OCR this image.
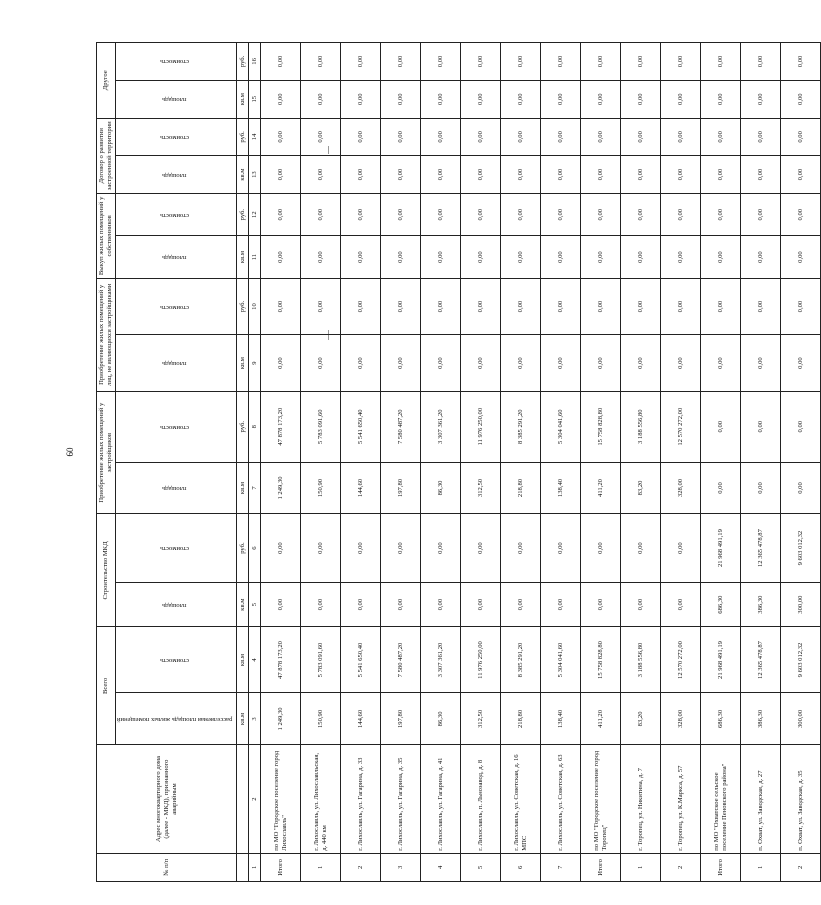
60
№ п/п	Адрес многоквартирного дома (далее - МКД), признанного аварийным	Всего		Строительство МКД		Приобретение жилых помещений у застройщиков		Приобретение жилых помещений у лиц, не являющихся застройщиками		Выкуп жилых помещений у собственников		Договор о развитии застроенной территории		Другое	
		расселяемая площадь жилых помещений	стоимость	площадь	стоимость	площадь	стоимость	площадь	стоимость	площадь	стоимость	площадь	стоимость	площадь	стоимость
		кв.м	кв.м	кв.м	руб.	кв.м	руб.	кв.м	руб.	кв.м	руб.	кв.м	руб.	кв.м	руб.
1	2	3	4	5	6	7	8	9	10	11	12	13	14	15	16
Итого	по МО "Городское поселение город Лихославль"	1 249,30	47 878 173,20	0,00	0,00	1 249,30	47 878 173,20	0,00	0,00	0,00	0,00	0,00	0,00	0,00	0,00
1	г. Лихославль, ул. Лихославльская, д. 440 км	150,90	5 783 091,60	0,00	0,00	150,90	5 783 091,60	0,00	0,00	0,00	0,00	0,00	0,00	0,00	0,00
2	г. Лихославль, ул. Гагарина, д. 33	144,60	5 541 650,40	0,00	0,00	144,60	5 541 650,40	0,00	0,00	0,00	0,00	0,00	0,00	0,00	0,00
3	г. Лихославль, ул. Гагарина, д. 35	197,80	7 580 487,20	0,00	0,00	197,80	7 580 487,20	0,00	0,00	0,00	0,00	0,00	0,00	0,00	0,00
4	г. Лихославль, ул. Гагарина, д. 41	86,30	3 307 361,20	0,00	0,00	86,30	3 307 361,20	0,00	0,00	0,00	0,00	0,00	0,00	0,00	0,00
5	г. Лихославль, п. Льнозавод, д. 8	312,50	11 976 250,00	0,00	0,00	312,50	11 976 250,00	0,00	0,00	0,00	0,00	0,00	0,00	0,00	0,00
6	г. Лихославль, ул. Советская, д. 16 МПС	218,80	8 385 291,20	0,00	0,00	218,80	8 385 291,20	0,00	0,00	0,00	0,00	0,00	0,00	0,00	0,00
7	г. Лихославль, ул. Советская, д. 63	138,40	5 304 041,60	0,00	0,00	138,40	5 304 041,60	0,00	0,00	0,00	0,00	0,00	0,00	0,00	0,00
Итого	по МО "Городское поселение город Торопец"	411,20	15 758 828,80	0,00	0,00	411,20	15 758 828,80	0,00	0,00	0,00	0,00	0,00	0,00	0,00	0,00
1	г. Торопец, ул. Никитина, д. 7	83,20	3 188 556,80	0,00	0,00	83,20	3 188 556,80	0,00	0,00	0,00	0,00	0,00	0,00	0,00	0,00
2	г. Торопец, ул. К.Маркса, д. 57	328,00	12 570 272,00	0,00	0,00	328,00	12 570 272,00	0,00	0,00	0,00	0,00	0,00	0,00	0,00	0,00
Итого	по МО "Охватское сельское поселение Пеновского района"	686,30	21 968 491,19	686,30	21 968 491,19	0,00	0,00	0,00	0,00	0,00	0,00	0,00	0,00	0,00	0,00
1	п. Охват, ул. Заводская, д. 27	386,30	12 365 478,87	386,30	12 365 478,87	0,00	0,00	0,00	0,00	0,00	0,00	0,00	0,00	0,00	0,00
2	п. Охват, ул. Заводская, д. 35	300,00	9 603 012,32	300,00	9 603 012,32	0,00	0,00	0,00	0,00	0,00	0,00	0,00	0,00	0,00	0,00
